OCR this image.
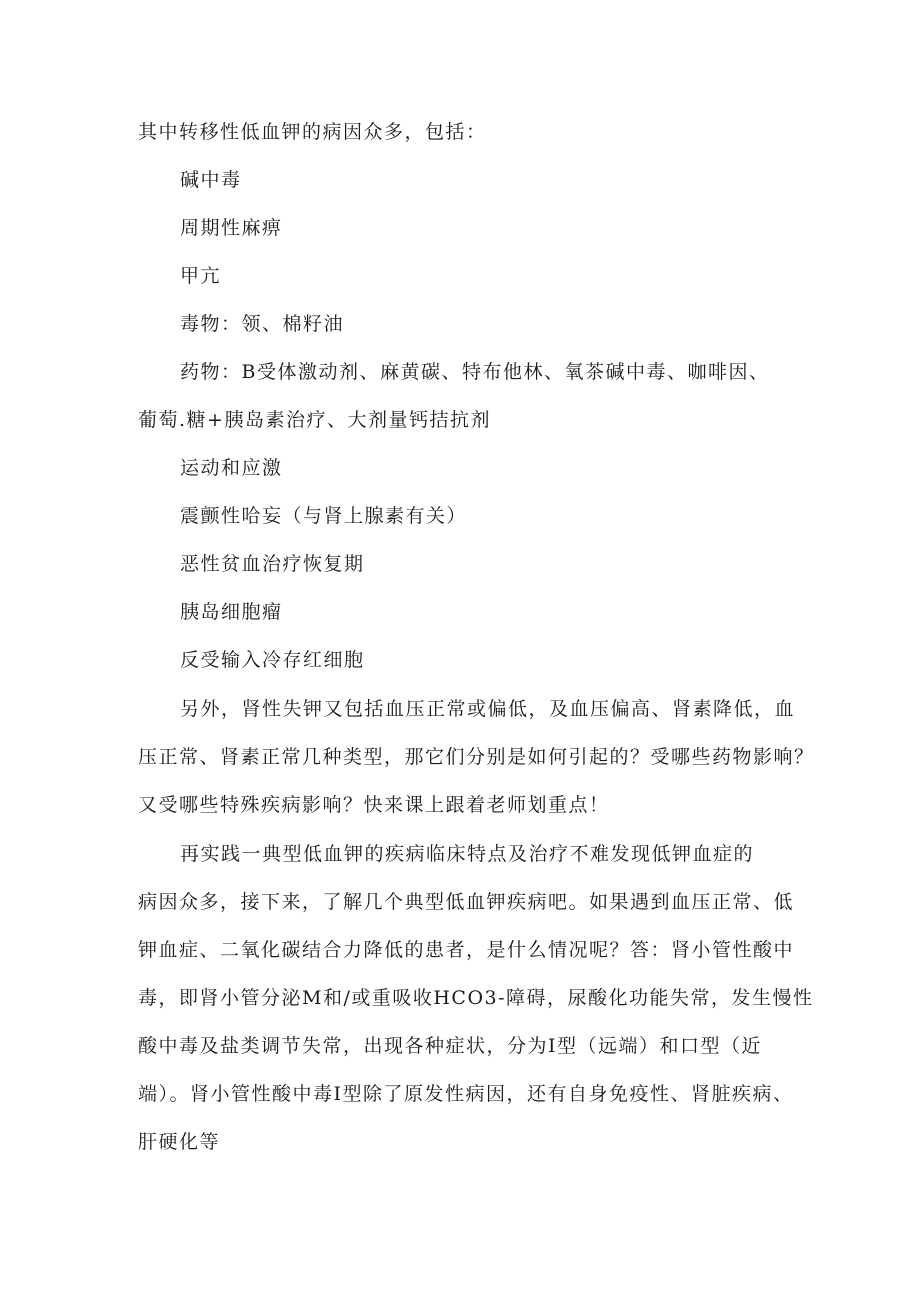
其中转移性低血钾的病因众多，包括：
碱中毒
周期性麻痹
甲亢
毒物：领、棉籽油
药物：B受体激动剂、麻黄碳、特布他林、氧茶碱中毒、咖啡因、
葡萄.糖+胰岛素治疗、大剂量钙拮抗剂
运动和应激
震颤性哈妄（与肾上腺素有关）
恶性贫血治疗恢复期
胰岛细胞瘤
反受输入冷存红细胞
另外，肾性失钾又包括血压正常或偏低，及血压偏高、肾素降低，血
压正常、肾素正常几种类型，那它们分别是如何引起的？受哪些药物影响？
又受哪些特殊疾病影响？快来课上跟着老师划重点！
再实践一典型低血钾的疾病临床特点及治疗不难发现低钾血症的
病因众多，接下来，了解几个典型低血钾疾病吧。如果遇到血压正常、低
钾血症、二氧化碳结合力降低的患者，是什么情况呢？答：肾小管性酸中
毒，即肾小管分泌M和/或重吸收HCO3-障碍，尿酸化功能失常，发生慢性
酸中毒及盐类调节失常，出现各种症状，分为I型（远端）和口型（近
端）。肾小管性酸中毒I型除了原发性病因，还有自身免疫性、肾脏疾病、
肝硬化等
